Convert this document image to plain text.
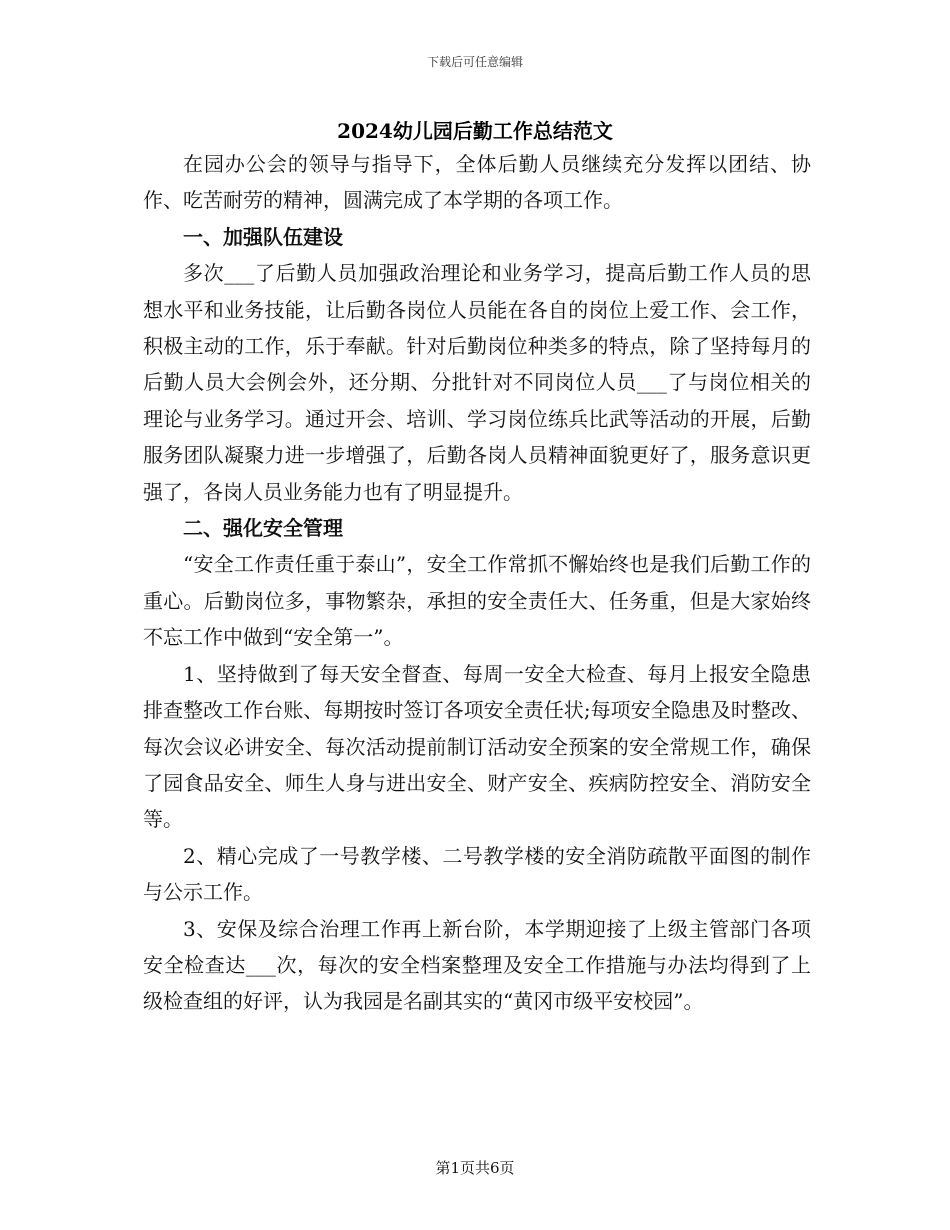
下载后可任意编辑
2024幼儿园后勤工作总结范文

在园办公会的领导与指导下，全体后勤人员继续充分发挥以团结、协作、吃苦耐劳的精神，圆满完成了本学期的各项工作。

一、加强队伍建设

多次___了后勤人员加强政治理论和业务学习，提高后勤工作人员的思想水平和业务技能，让后勤各岗位人员能在各自的岗位上爱工作、会工作，积极主动的工作，乐于奉献。针对后勤岗位种类多的特点，除了坚持每月的后勤人员大会例会外，还分期、分批针对不同岗位人员___了与岗位相关的理论与业务学习。通过开会、培训、学习岗位练兵比武等活动的开展，后勤服务团队凝聚力进一步增强了，后勤各岗人员精神面貌更好了，服务意识更强了，各岗人员业务能力也有了明显提升。

二、强化安全管理

“安全工作责任重于泰山”，安全工作常抓不懈始终也是我们后勤工作的重心。后勤岗位多，事物繁杂，承担的安全责任大、任务重，但是大家始终不忘工作中做到“安全第一”。

1、坚持做到了每天安全督查、每周一安全大检查、每月上报安全隐患排查整改工作台账、每期按时签订各项安全责任状;每项安全隐患及时整改、每次会议必讲安全、每次活动提前制订活动安全预案的安全常规工作，确保了园食品安全、师生人身与进出安全、财产安全、疾病防控安全、消防安全等。

2、精心完成了一号教学楼、二号教学楼的安全消防疏散平面图的制作与公示工作。

3、安保及综合治理工作再上新台阶，本学期迎接了上级主管部门各项安全检查达___次，每次的安全档案整理及安全工作措施与办法均得到了上级检查组的好评，认为我园是名副其实的“黄冈市级平安校园”。

第1页共6页
